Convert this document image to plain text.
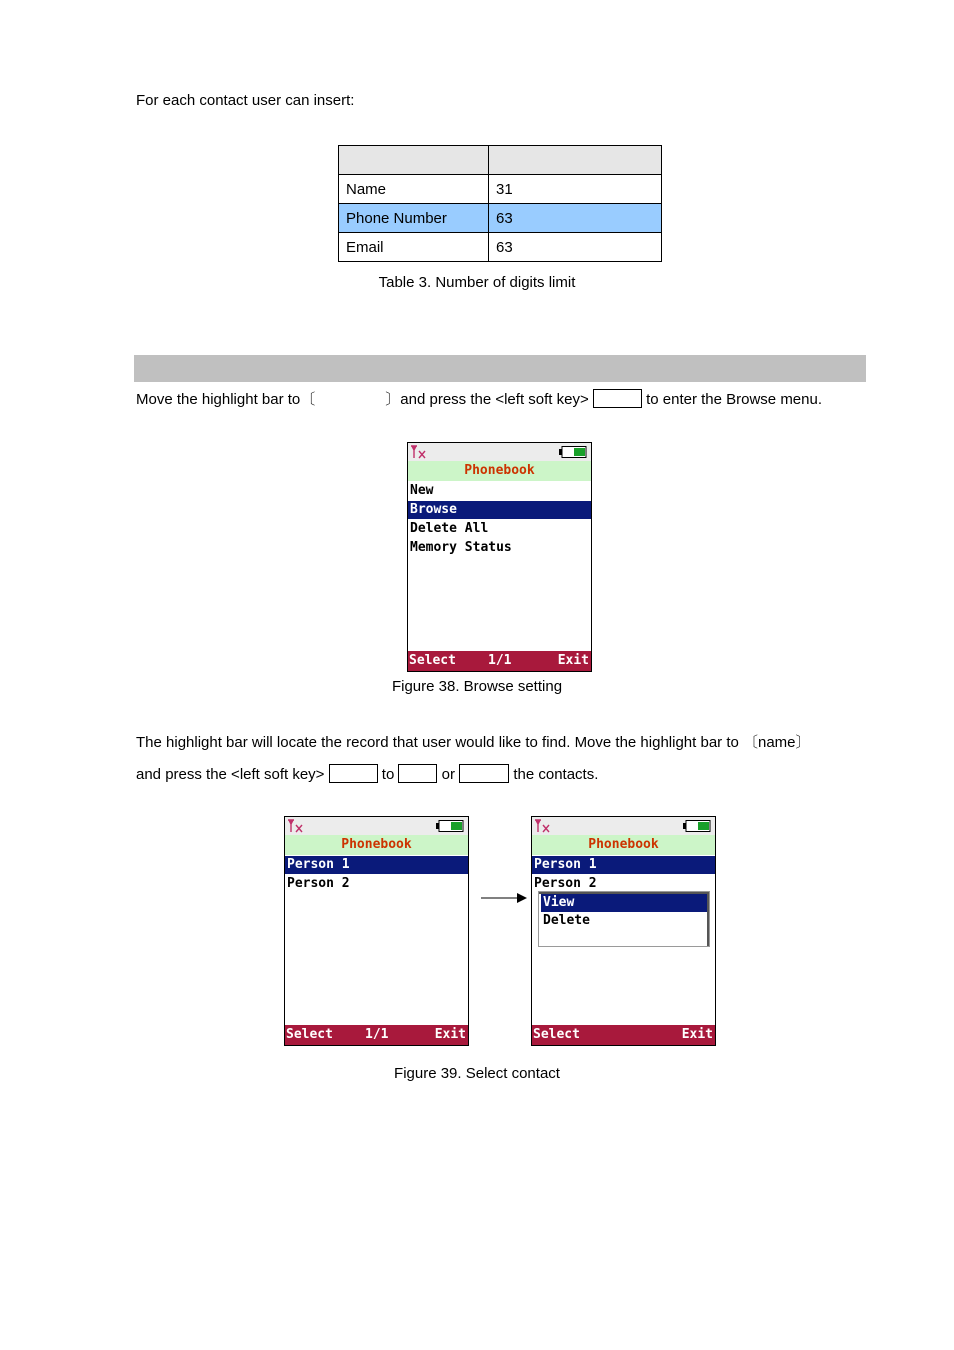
For each contact user can insert:

Name	31
Phone Number	63
Email	63
Table 3. Number of digits limit
Move the highlight bar to〔	〕and press the <left soft key>	to enter the Browse menu.
Phonebook
New
Browse
Delete All
Memory Status
Select 1/1	Exit
Figure 38. Browse setting
The highlight bar will locate the record that user would like to find. Move the highlight bar to 〔name〕
and press the <left soft key>	to	or	the contacts.
Phonebook
Person 1
Person 2
Select 1/1	Exit
Phonebook
Person 1
Person 2
View
Delete
Select	Exit
Figure 39. Select contact
